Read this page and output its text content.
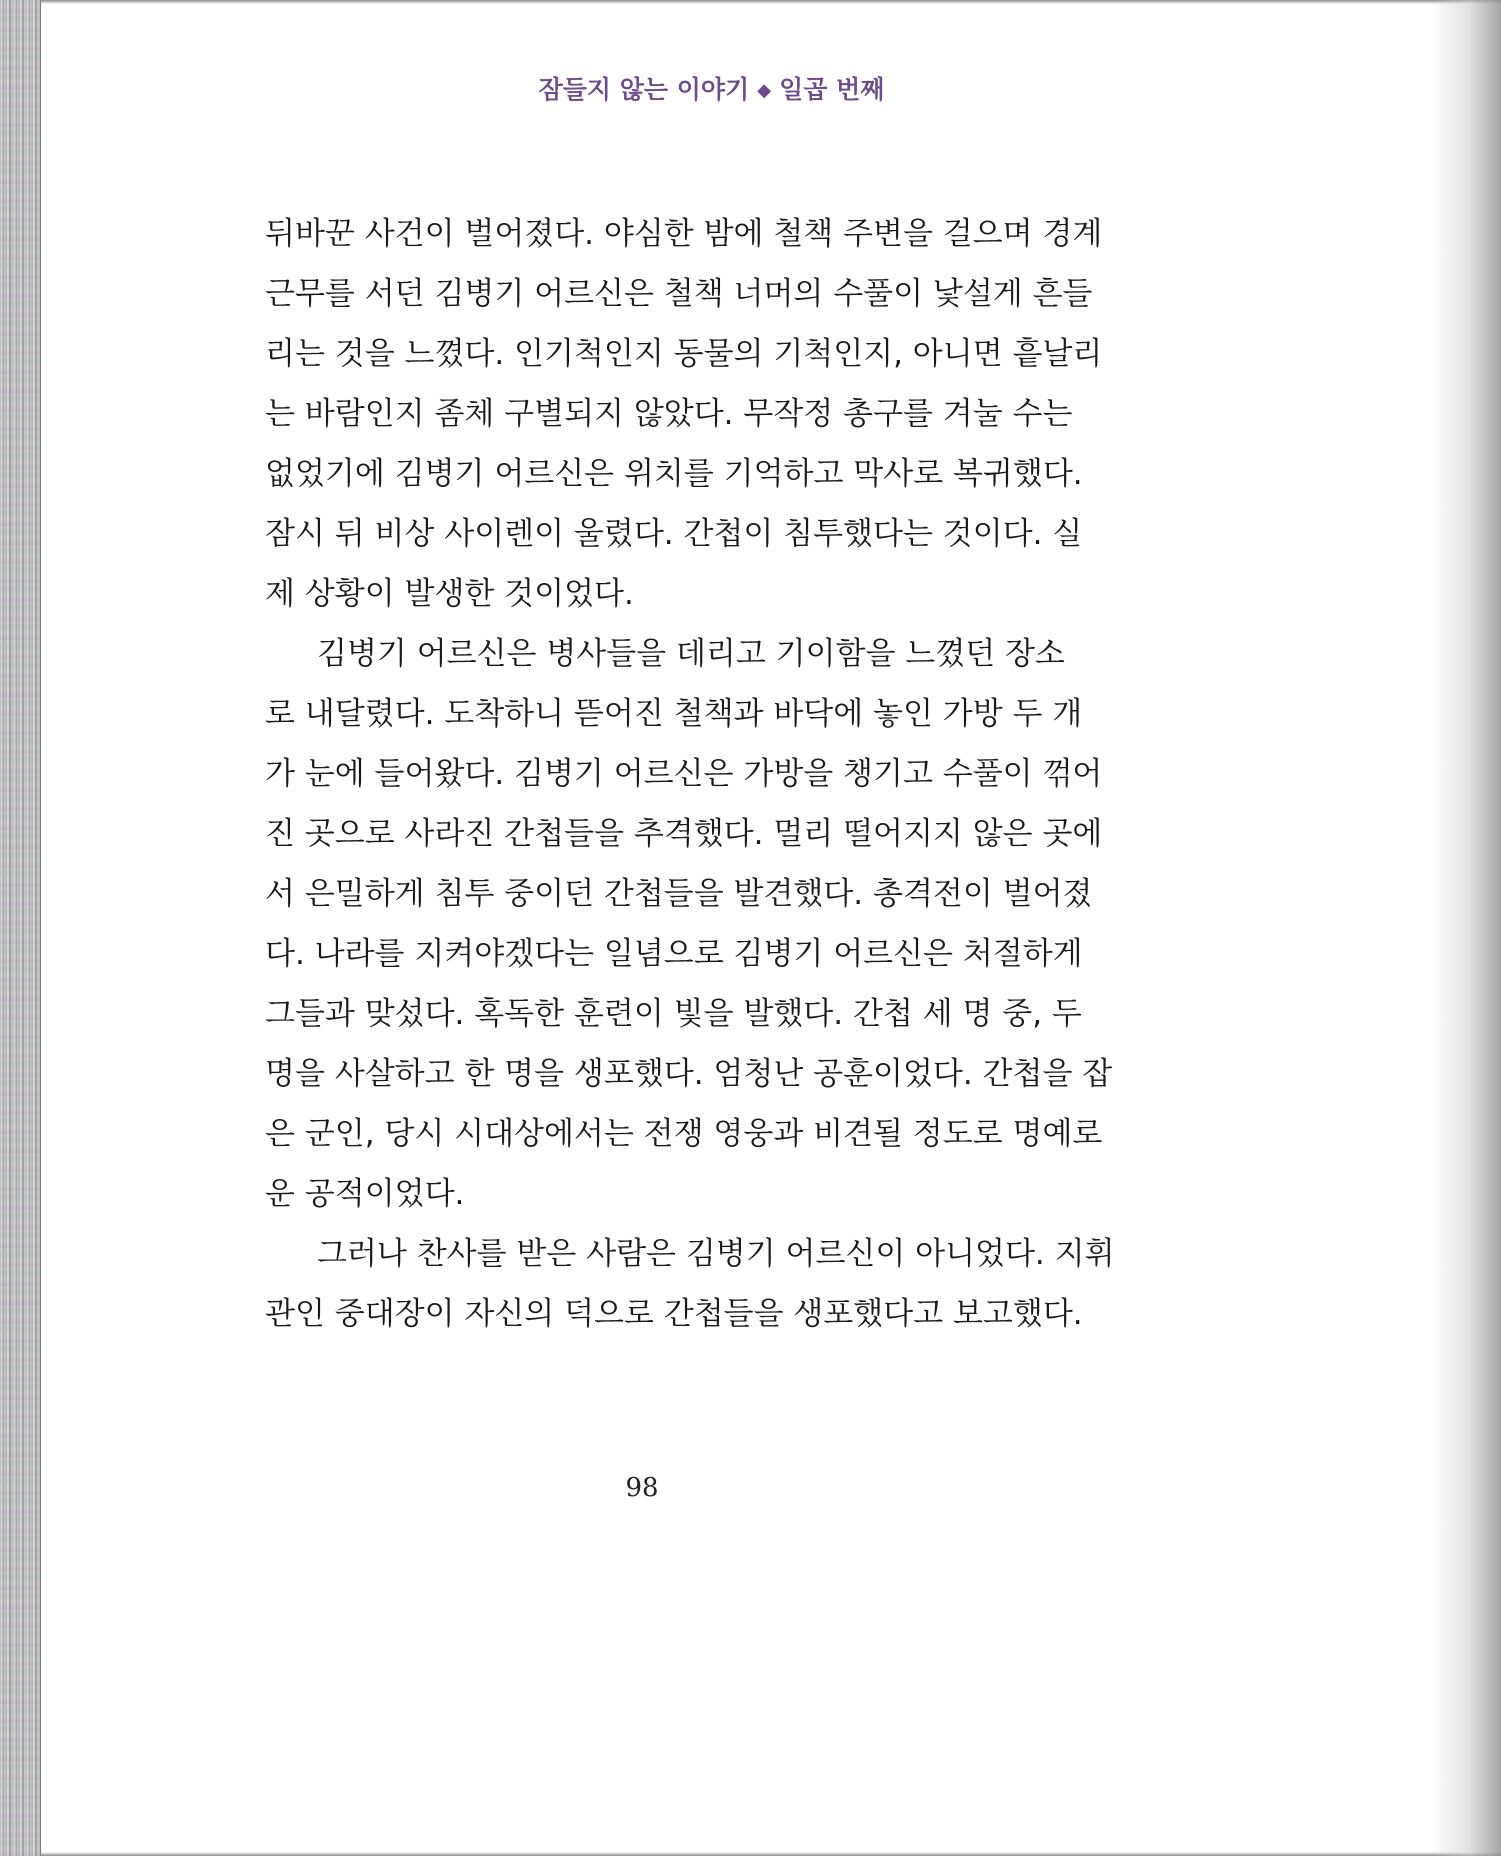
잠들지 않는 이야기 ◆ 일곱 번째
뒤바꾼 사건이 벌어졌다. 야심한 밤에 철책 주변을 걸으며 경계
근무를 서던 김병기 어르신은 철책 너머의 수풀이 낯설게 흔들
리는 것을 느꼈다. 인기척인지 동물의 기척인지, 아니면 흩날리
는 바람인지 좀체 구별되지 않았다. 무작정 총구를 겨눌 수는
없었기에 김병기 어르신은 위치를 기억하고 막사로 복귀했다.
잠시 뒤 비상 사이렌이 울렸다. 간첩이 침투했다는 것이다. 실
제 상황이 발생한 것이었다.
김병기 어르신은 병사들을 데리고 기이함을 느꼈던 장소
로 내달렸다. 도착하니 뜯어진 철책과 바닥에 놓인 가방 두 개
가 눈에 들어왔다. 김병기 어르신은 가방을 챙기고 수풀이 꺾어
진 곳으로 사라진 간첩들을 추격했다. 멀리 떨어지지 않은 곳에
서 은밀하게 침투 중이던 간첩들을 발견했다. 총격전이 벌어졌
다. 나라를 지켜야겠다는 일념으로 김병기 어르신은 처절하게
그들과 맞섰다. 혹독한 훈련이 빛을 발했다. 간첩 세 명 중, 두
명을 사살하고 한 명을 생포했다. 엄청난 공훈이었다. 간첩을 잡
은 군인, 당시 시대상에서는 전쟁 영웅과 비견될 정도로 명예로
운 공적이었다.
그러나 찬사를 받은 사람은 김병기 어르신이 아니었다. 지휘
관인 중대장이 자신의 덕으로 간첩들을 생포했다고 보고했다.
98
